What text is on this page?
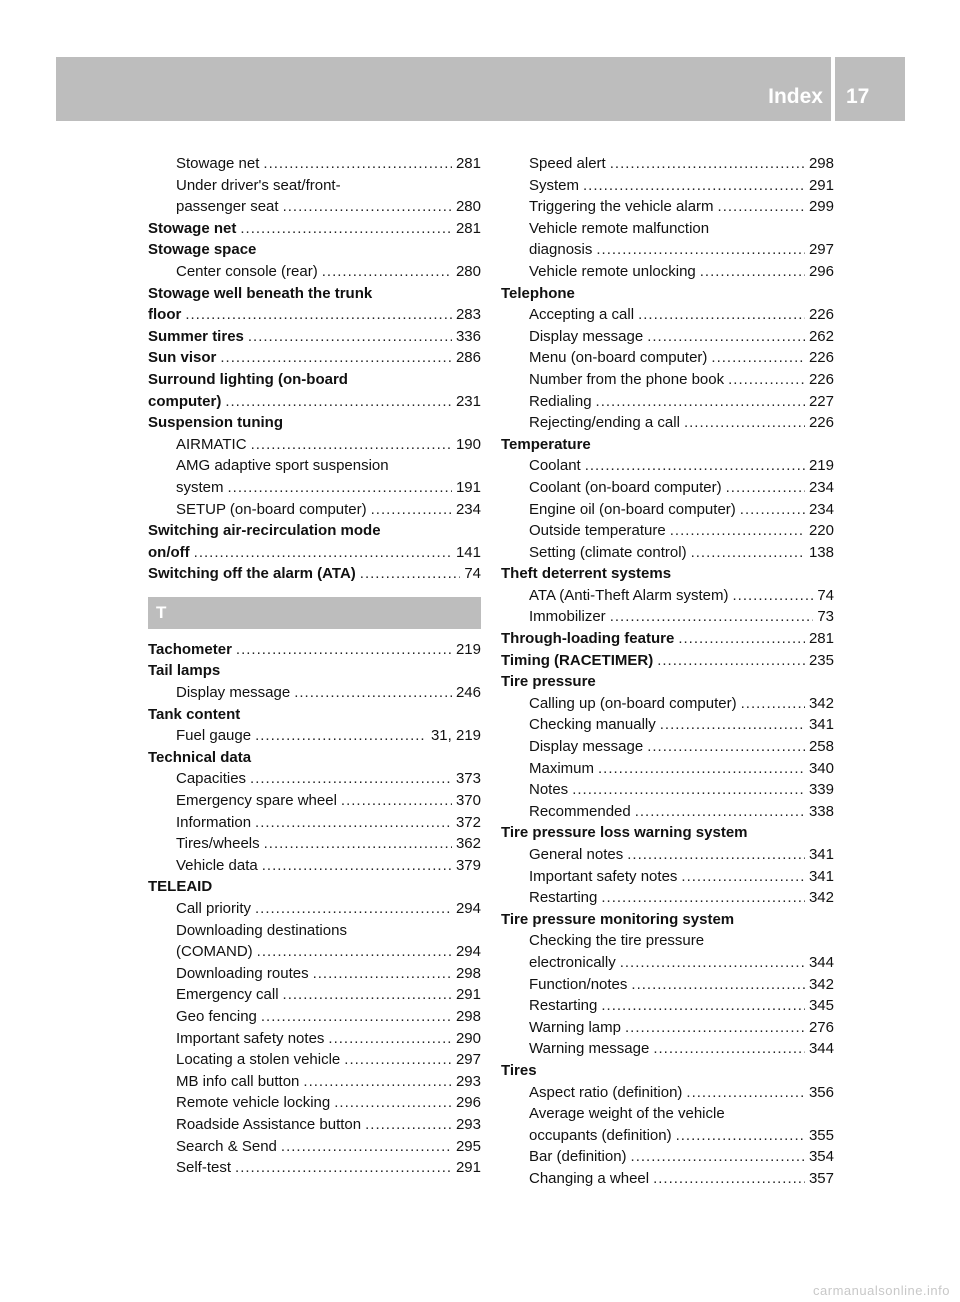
Index 17
Stowage net .....	281
Under driver's seat/front-
passenger seat .....	280
Stowage net .....	281
Stowage space
Center console (rear) .....	280
Stowage well beneath the trunk
floor .....	283
Summer tires .....	336
Sun visor .....	286
Surround lighting (on-board
computer) .....	231
Suspension tuning
AIRMATIC .....	190
AMG adaptive sport suspension
system .....	191
SETUP (on-board computer) .....	234
Switching air-recirculation mode
on/off .....	141
Switching off the alarm (ATA) .....	74
T
Tachometer .....	219
Tail lamps
Display message .....	246
Tank content
Fuel gauge .....	31, 219
Technical data
Capacities .....	373
Emergency spare wheel .....	370
Information .....	372
Tires/wheels .....	362
Vehicle data .....	379
TELEAID
Call priority .....	294
Downloading destinations
(COMAND) .....	294
Downloading routes .....	298
Emergency call .....	291
Geo fencing .....	298
Important safety notes .....	290
Locating a stolen vehicle .....	297
MB info call button .....	293
Remote vehicle locking .....	296
Roadside Assistance button .....	293
Search & Send .....	295
Self-test .....	291
Speed alert .....	298
System .....	291
Triggering the vehicle alarm .....	299
Vehicle remote malfunction
diagnosis .....	297
Vehicle remote unlocking .....	296
Telephone
Accepting a call .....	226
Display message .....	262
Menu (on-board computer) .....	226
Number from the phone book .....	226
Redialing .....	227
Rejecting/ending a call .....	226
Temperature
Coolant .....	219
Coolant (on-board computer) .....	234
Engine oil (on-board computer) .....	234
Outside temperature .....	220
Setting (climate control) .....	138
Theft deterrent systems
ATA (Anti-Theft Alarm system) .....	74
Immobilizer .....	73
Through-loading feature .....	281
Timing (RACETIMER) .....	235
Tire pressure
Calling up (on-board computer) .....	342
Checking manually .....	341
Display message .....	258
Maximum .....	340
Notes .....	339
Recommended .....	338
Tire pressure loss warning system
General notes .....	341
Important safety notes .....	341
Restarting .....	342
Tire pressure monitoring system
Checking the tire pressure
electronically .....	344
Function/notes .....	342
Restarting .....	345
Warning lamp .....	276
Warning message .....	344
Tires
Aspect ratio (definition) .....	356
Average weight of the vehicle
occupants (definition) .....	355
Bar (definition) .....	354
Changing a wheel .....	357
carmanualsonline.info
